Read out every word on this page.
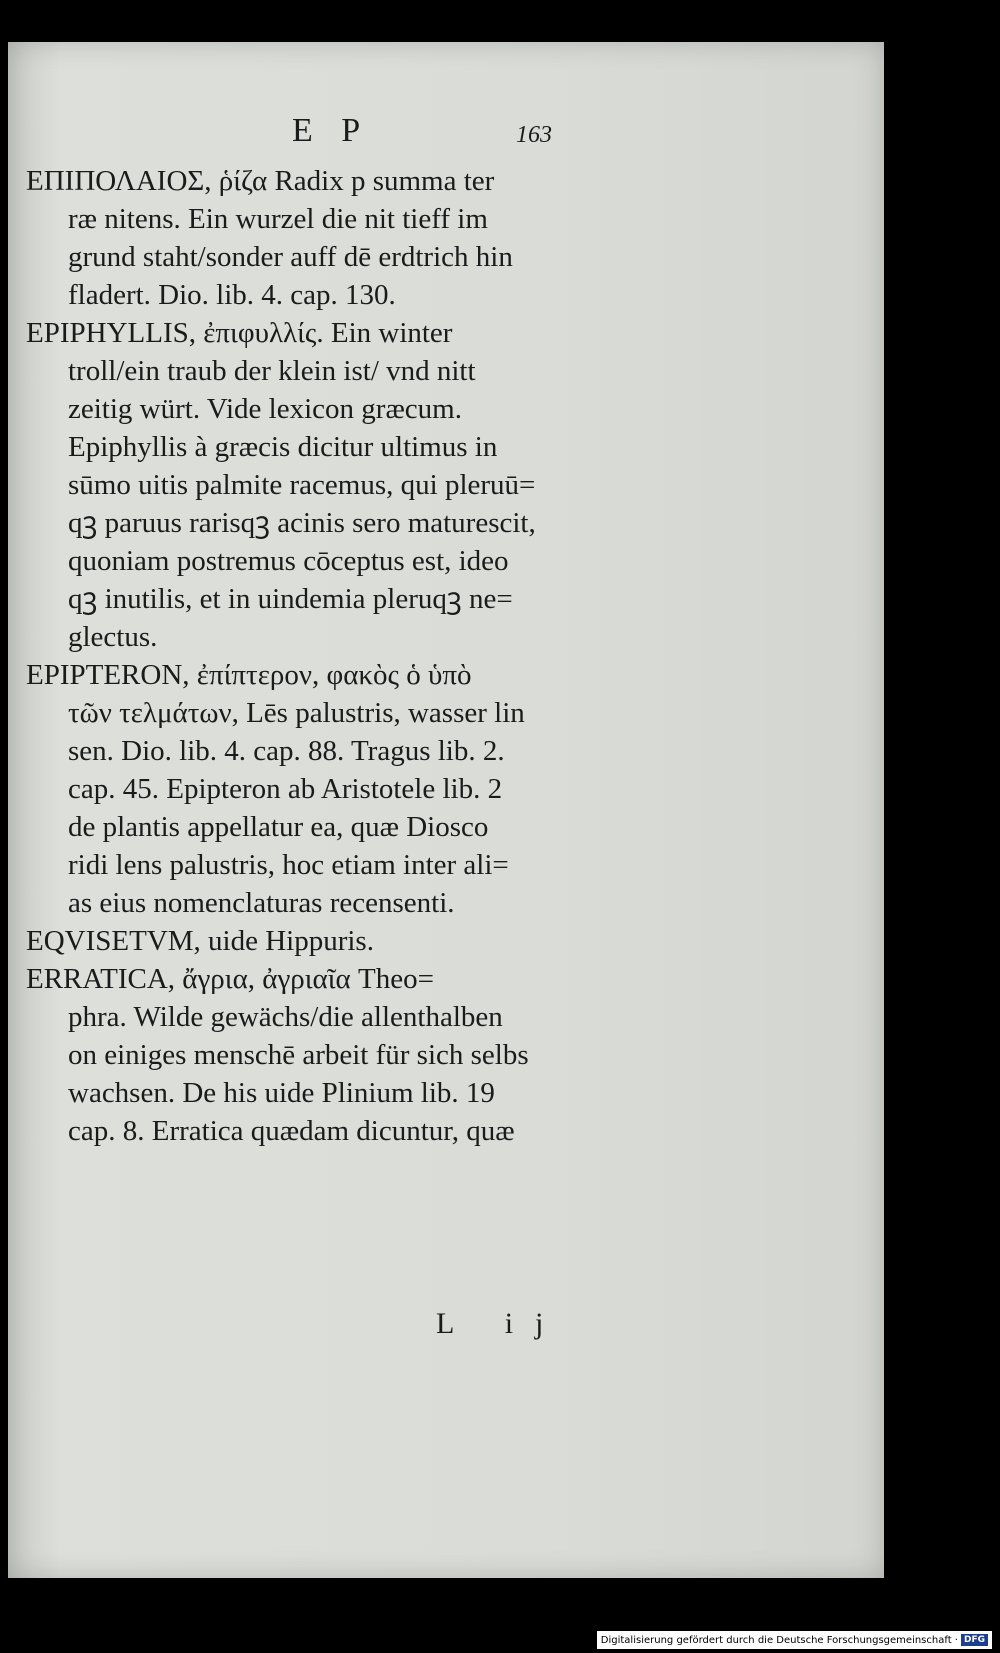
E P	163
ΕΠΙΠΟΛΑΙΟΣ, ῥίζα Radix p summa ter
ræ nitens. Ein wurzel die nit tieff im
grund staht/sonder auff dē erdtrich hin
fladert. Dio. lib. 4. cap. 130.
EPIPHYLLIS, ἐπιφυλλίς. Ein winter
troll/ein traub der klein ist/ vnd nitt
zeitig würt. Vide lexicon græcum.
Epiphyllis à græcis dicitur ultimus in
sūmo uitis palmite racemus, qui pleruū=
qꝫ paruus rarisqꝫ acinis sero maturescit,
quoniam postremus cōceptus est, ideo
qꝫ inutilis, et in uindemia pleruqꝫ ne=
glectus.
EPIPTERON, ἐπίπτερον, φακὸς ὁ ὑπὸ
τῶν τελμάτων, Lēs palustris, wasser lin
sen. Dio. lib. 4. cap. 88. Tragus lib. 2.
cap. 45. Epipteron ab Aristotele lib. 2
de plantis appellatur ea, quæ Diosco
ridi lens palustris, hoc etiam inter ali=
as eius nomenclaturas recensenti.
EQVISETVM, uide Hippuris.
ERRATICA, ἄγρια, ἀγριαῖα Theo=
phra. Wilde gewächs/die allenthalben
on einiges menschē arbeit für sich selbs
wachsen. De his uide Plinium lib. 19
cap. 8. Erratica quædam dicuntur, quæ
L ij
Digitalisierung gefördert durch die Deutsche Forschungsgemeinschaft · DFG
